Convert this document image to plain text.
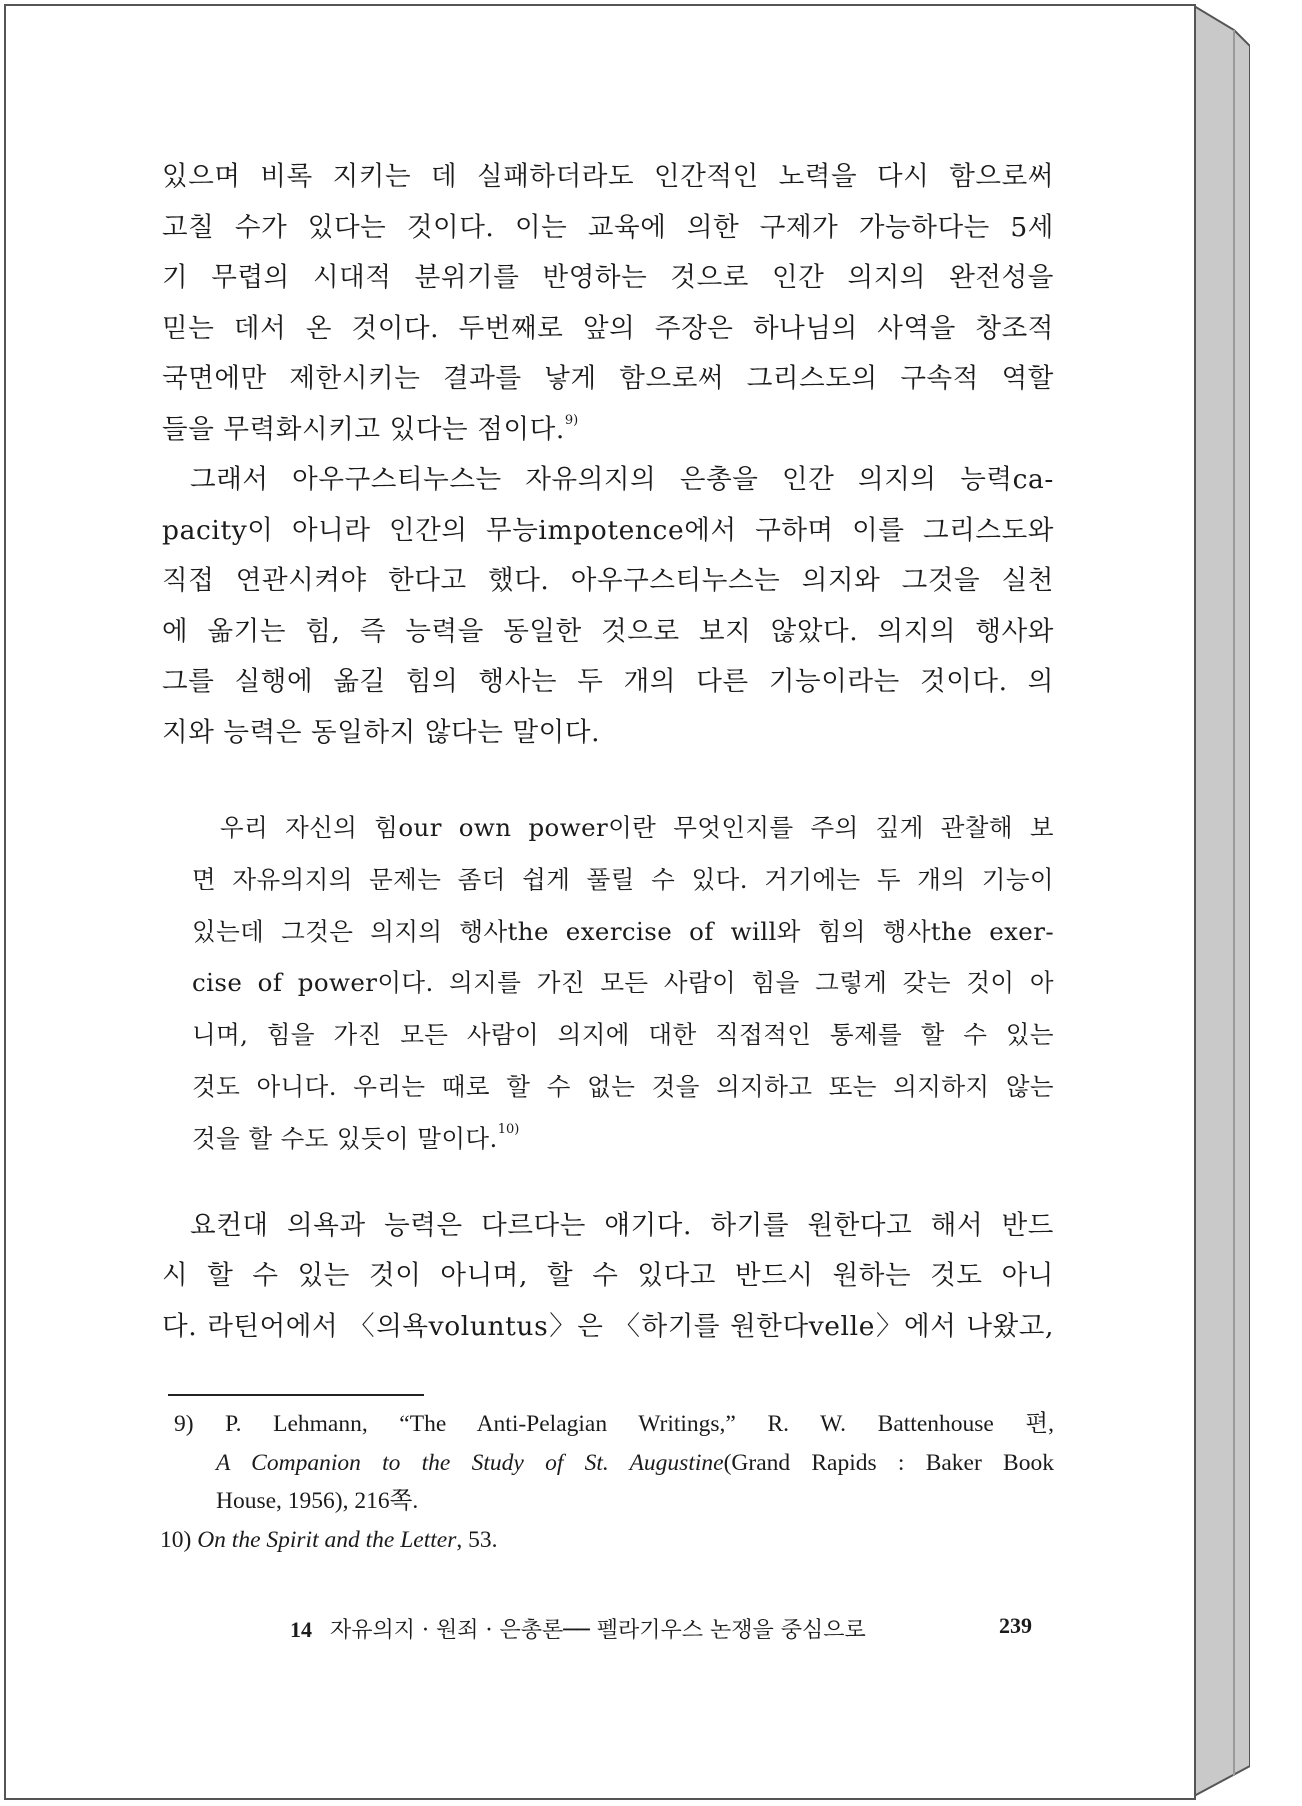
있으며 비록 지키는 데 실패하더라도 인간적인 노력을 다시 함으로써
고칠 수가 있다는 것이다. 이는 교육에 의한 구제가 가능하다는 5세
기 무렵의 시대적 분위기를 반영하는 것으로 인간 의지의 완전성을
믿는 데서 온 것이다. 두번째로 앞의 주장은 하나님의 사역을 창조적
국면에만 제한시키는 결과를 낳게 함으로써 그리스도의 구속적 역할
들을 무력화시키고 있다는 점이다.$^{9)}$

그래서 아우구스티누스는 자유의지의 은총을 인간 의지의 능력ca-
pacity이 아니라 인간의 무능impotence에서 구하며 이를 그리스도와
직접 연관시켜야 한다고 했다. 아우구스티누스는 의지와 그것을 실천
에 옮기는 힘, 즉 능력을 동일한 것으로 보지 않았다. 의지의 행사와
그를 실행에 옮길 힘의 행사는 두 개의 다른 기능이라는 것이다. 의
지와 능력은 동일하지 않다는 말이다.

우리 자신의 힘our own power이란 무엇인지를 주의 깊게 관찰해 보
면 자유의지의 문제는 좀더 쉽게 풀릴 수 있다. 거기에는 두 개의 기능이
있는데 그것은 의지의 행사the exercise of will와 힘의 행사the exer-
cise of power이다. 의지를 가진 모든 사람이 힘을 그렇게 갖는 것이 아
니며, 힘을 가진 모든 사람이 의지에 대한 직접적인 통제를 할 수 있는
것도 아니다. 우리는 때로 할 수 없는 것을 의지하고 또는 의지하지 않는
것을 할 수도 있듯이 말이다.$^{10)}$

요컨대 의욕과 능력은 다르다는 얘기다. 하기를 원한다고 해서 반드
시 할 수 있는 것이 아니며, 할 수 있다고 반드시 원하는 것도 아니
다. 라틴어에서 〈의욕voluntus〉은 〈하기를 원한다velle〉에서 나왔고,

9) P. Lehmann, “The Anti-Pelagian Writings,” R. W. Battenhouse 편,
A Companion to the Study of St. Augustine(Grand Rapids : Baker Book
House, 1956), 216쪽.
10) On the Spirit and the Letter, 53.
14 자유의지 · 원죄 · 은총론── 펠라기우스 논쟁을 중심으로	239
